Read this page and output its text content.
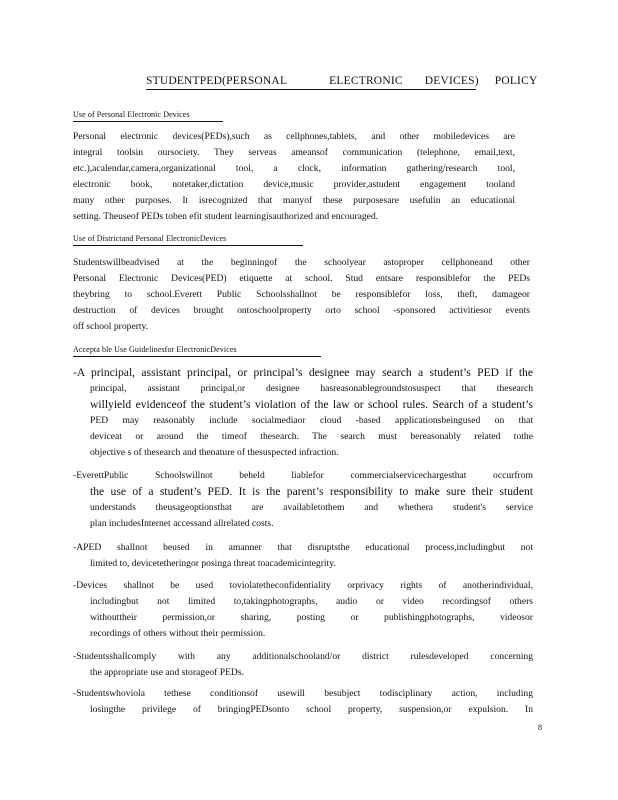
STUDENTPED(PERSONAL	ELECTRONIC DEVICES) POLICY
Use of Personal Electronic Devices
Personal electronic devices(PEDs),such as cellphones,tablets, and other mobiledevices are
integral toolsin oursociety. They serveas ameansof communication (telephone, email,text,
etc.),acalendar,camera,organizational tool, a clock, information gathering/research tool,
electronic book, notetaker,dictation device,music provider,astudent engagement tooland
many other purposes. It isrecognized that manyof these purposesare usefulin an educational
setting. Theuseof PEDs toben efit student learningisauthorized and encouraged.
Use of Districtand Personal ElectronicDevices
Studentswillbeadvised at the beginningof the schoolyear astoproper cellphoneand other
Personal Electronic Devices(PED) etiquette at school. Stud entsare responsiblefor the PEDs
theybring to school.Everett Public Schoolsshallnot be responsiblefor loss, theft, damageor
destruction of devices brought ontoschoolproperty orto school -sponsored activitiesor events
off school property.
Accepta ble Use Guidelinesfor ElectronicDevices
-A principal, assistant principal, or principal’s designee may search a student’s PED if the
principal, assistant principal,or designee hasreasonablegroundstosuspect that thesearch
willyield evidenceof the student’s violation of the law or school rules. Search of a student’s
PED may reasonably include socialmediaor cloud -based applicationsbeingused on that
deviceat or around the timeof thesearch. The search must bereasonably related tothe
objective s of thesearch and thenature of thesuspected infraction.
-EverettPublic Schoolswillnot beheld liablefor commercialservicechargesthat occurfrom
the use of a student’s PED. It is the parent’s responsibility to make sure their student
understands theusageoptionsthat are availabletothem and whethera student's service
plan includesInternet accessand allrelated costs.
-APED shallnot beused in amanner that disruptsthe educational process,includingbut not
limited to, devicetetheringor posinga threat toacademicintegrity.
-Devices shallnot be used toviolatetheconfidentiality orprivacy rights of anotherindividual,
includingbut not limited to,takingphotographs, audio or video recordingsof others
withouttheir permission,or sharing, posting or publishingphotographs, videosor
recordings of others without their permission.
-Studentsshallcomply with any additionalschooland/or district rulesdeveloped concerning
the appropriate use and storageof PEDs.
-Studentswhoviola tethese conditionsof usewill besubject todisciplinary action, including
losingthe privilege of bringingPEDsonto school property, suspension,or expulsion. In
8
